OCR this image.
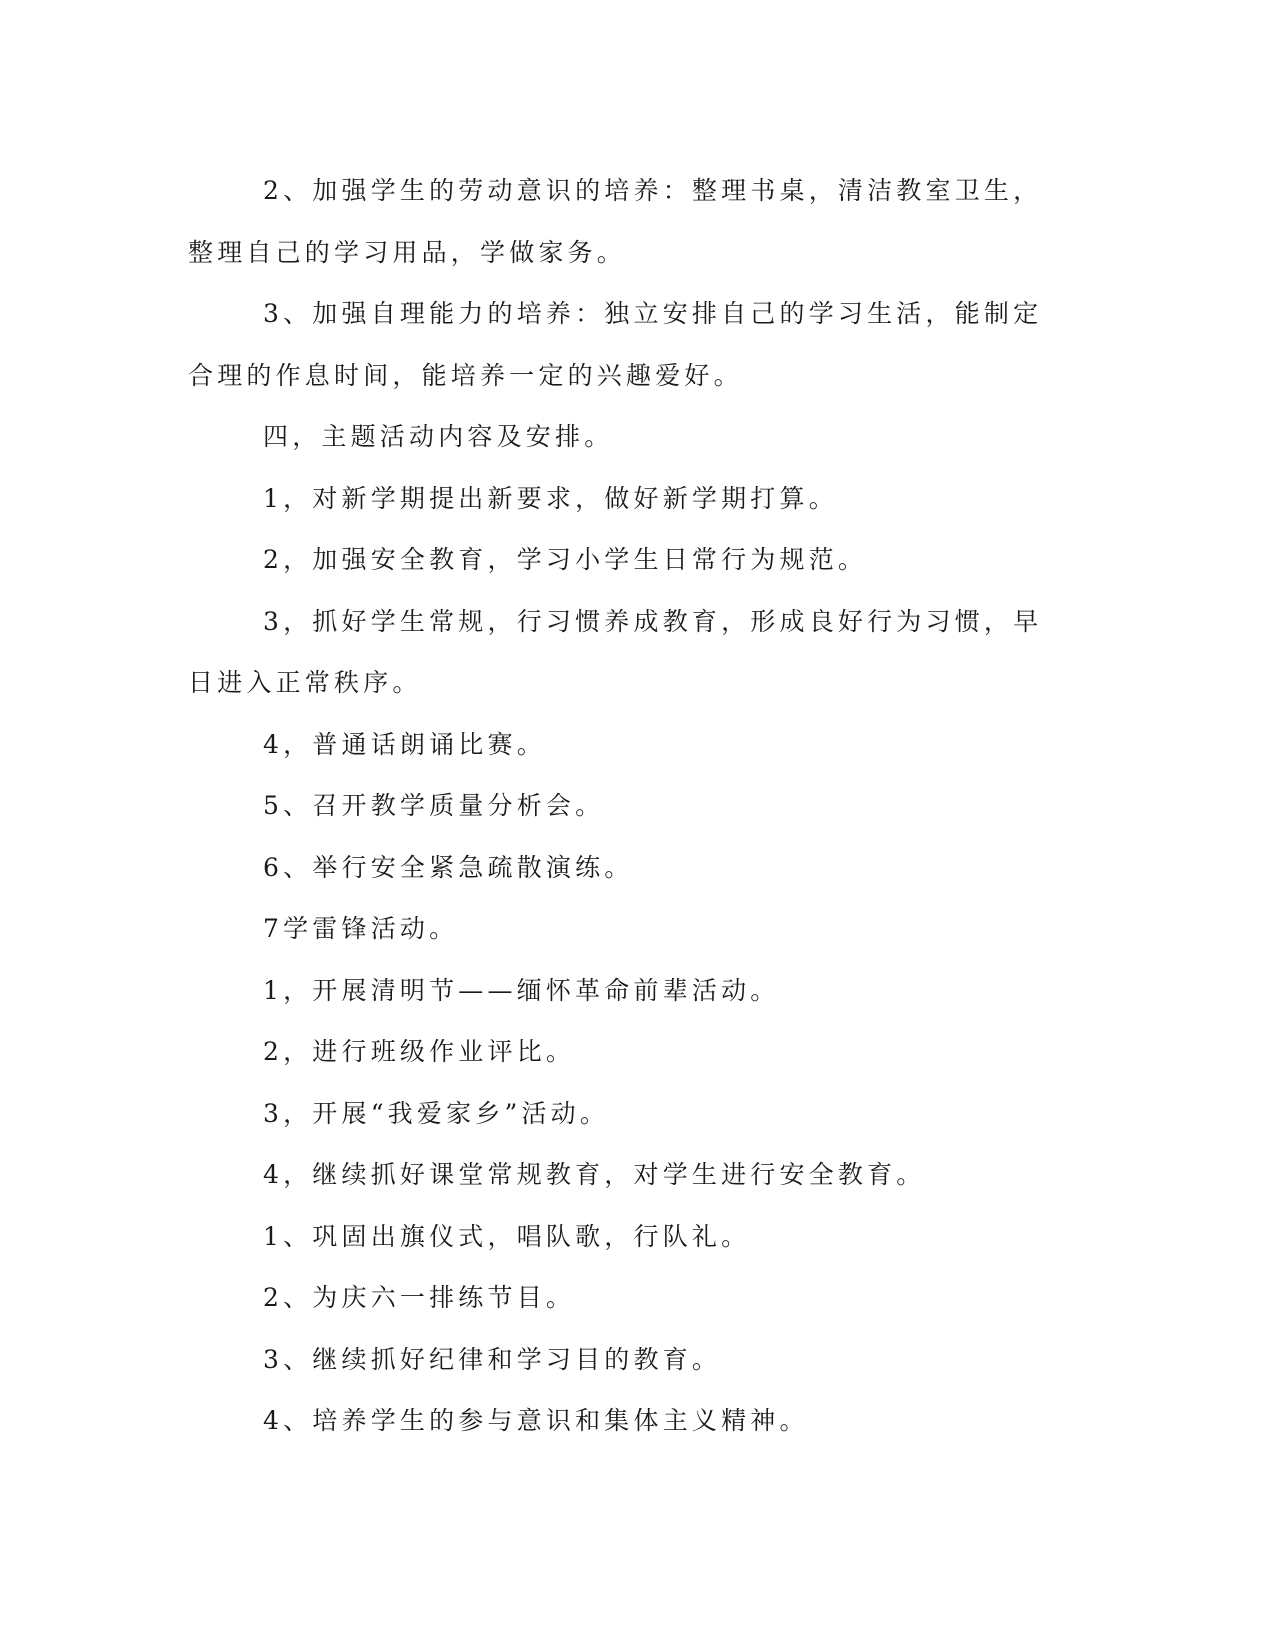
2、加强学生的劳动意识的培养：整理书桌，清洁教室卫生，整理自己的学习用品，学做家务。

3、加强自理能力的培养：独立安排自己的学习生活，能制定合理的作息时间，能培养一定的兴趣爱好。

四，主题活动内容及安排。

1，对新学期提出新要求，做好新学期打算。

2，加强安全教育，学习小学生日常行为规范。

3，抓好学生常规，行习惯养成教育，形成良好行为习惯，早日进入正常秩序。

4，普通话朗诵比赛。

5、召开教学质量分析会。

6、举行安全紧急疏散演练。

7学雷锋活动。

1，开展清明节——缅怀革命前辈活动。

2，进行班级作业评比。

3，开展“我爱家乡”活动。

4，继续抓好课堂常规教育，对学生进行安全教育。

1、巩固出旗仪式，唱队歌，行队礼。

2、为庆六一排练节目。

3、继续抓好纪律和学习目的教育。

4、培养学生的参与意识和集体主义精神。
